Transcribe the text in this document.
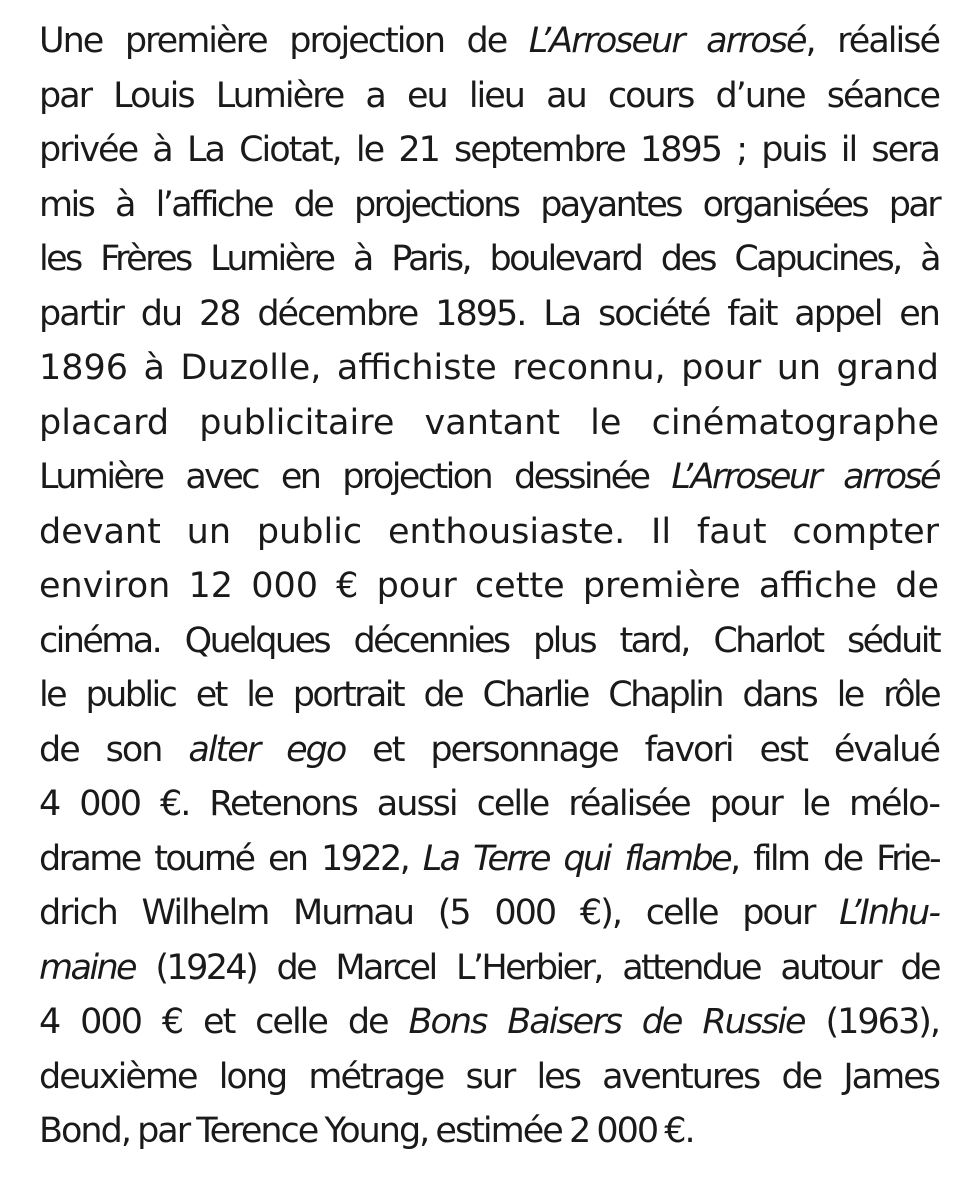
Une première projection de L’Arroseur arrosé, réalisé
par Louis Lumière a eu lieu au cours d’une séance
privée à La Ciotat, le 21 septembre 1895 ; puis il sera
mis à l’affiche de projections payantes organisées par
les Frères Lumière à Paris, boulevard des Capucines, à
partir du 28 décembre 1895. La société fait appel en
1896 à Duzolle, affichiste reconnu, pour un grand
placard publicitaire vantant le cinématographe
Lumière avec en projection dessinée L’Arroseur arrosé
devant un public enthousiaste. Il faut compter
environ 12 000 € pour cette première affiche de
cinéma. Quelques décennies plus tard, Charlot séduit
le public et le portrait de Charlie Chaplin dans le rôle
de son alter ego et personnage favori est évalué
4 000 €. Retenons aussi celle réalisée pour le mélo-
drame tourné en 1922, La Terre qui flambe, film de Frie-
drich Wilhelm Murnau (5 000 €), celle pour L’Inhu-
maine (1924) de Marcel L’Herbier, attendue autour de
4 000 € et celle de Bons Baisers de Russie (1963),
deuxième long métrage sur les aventures de James
Bond, par Terence Young, estimée 2 000 €.
